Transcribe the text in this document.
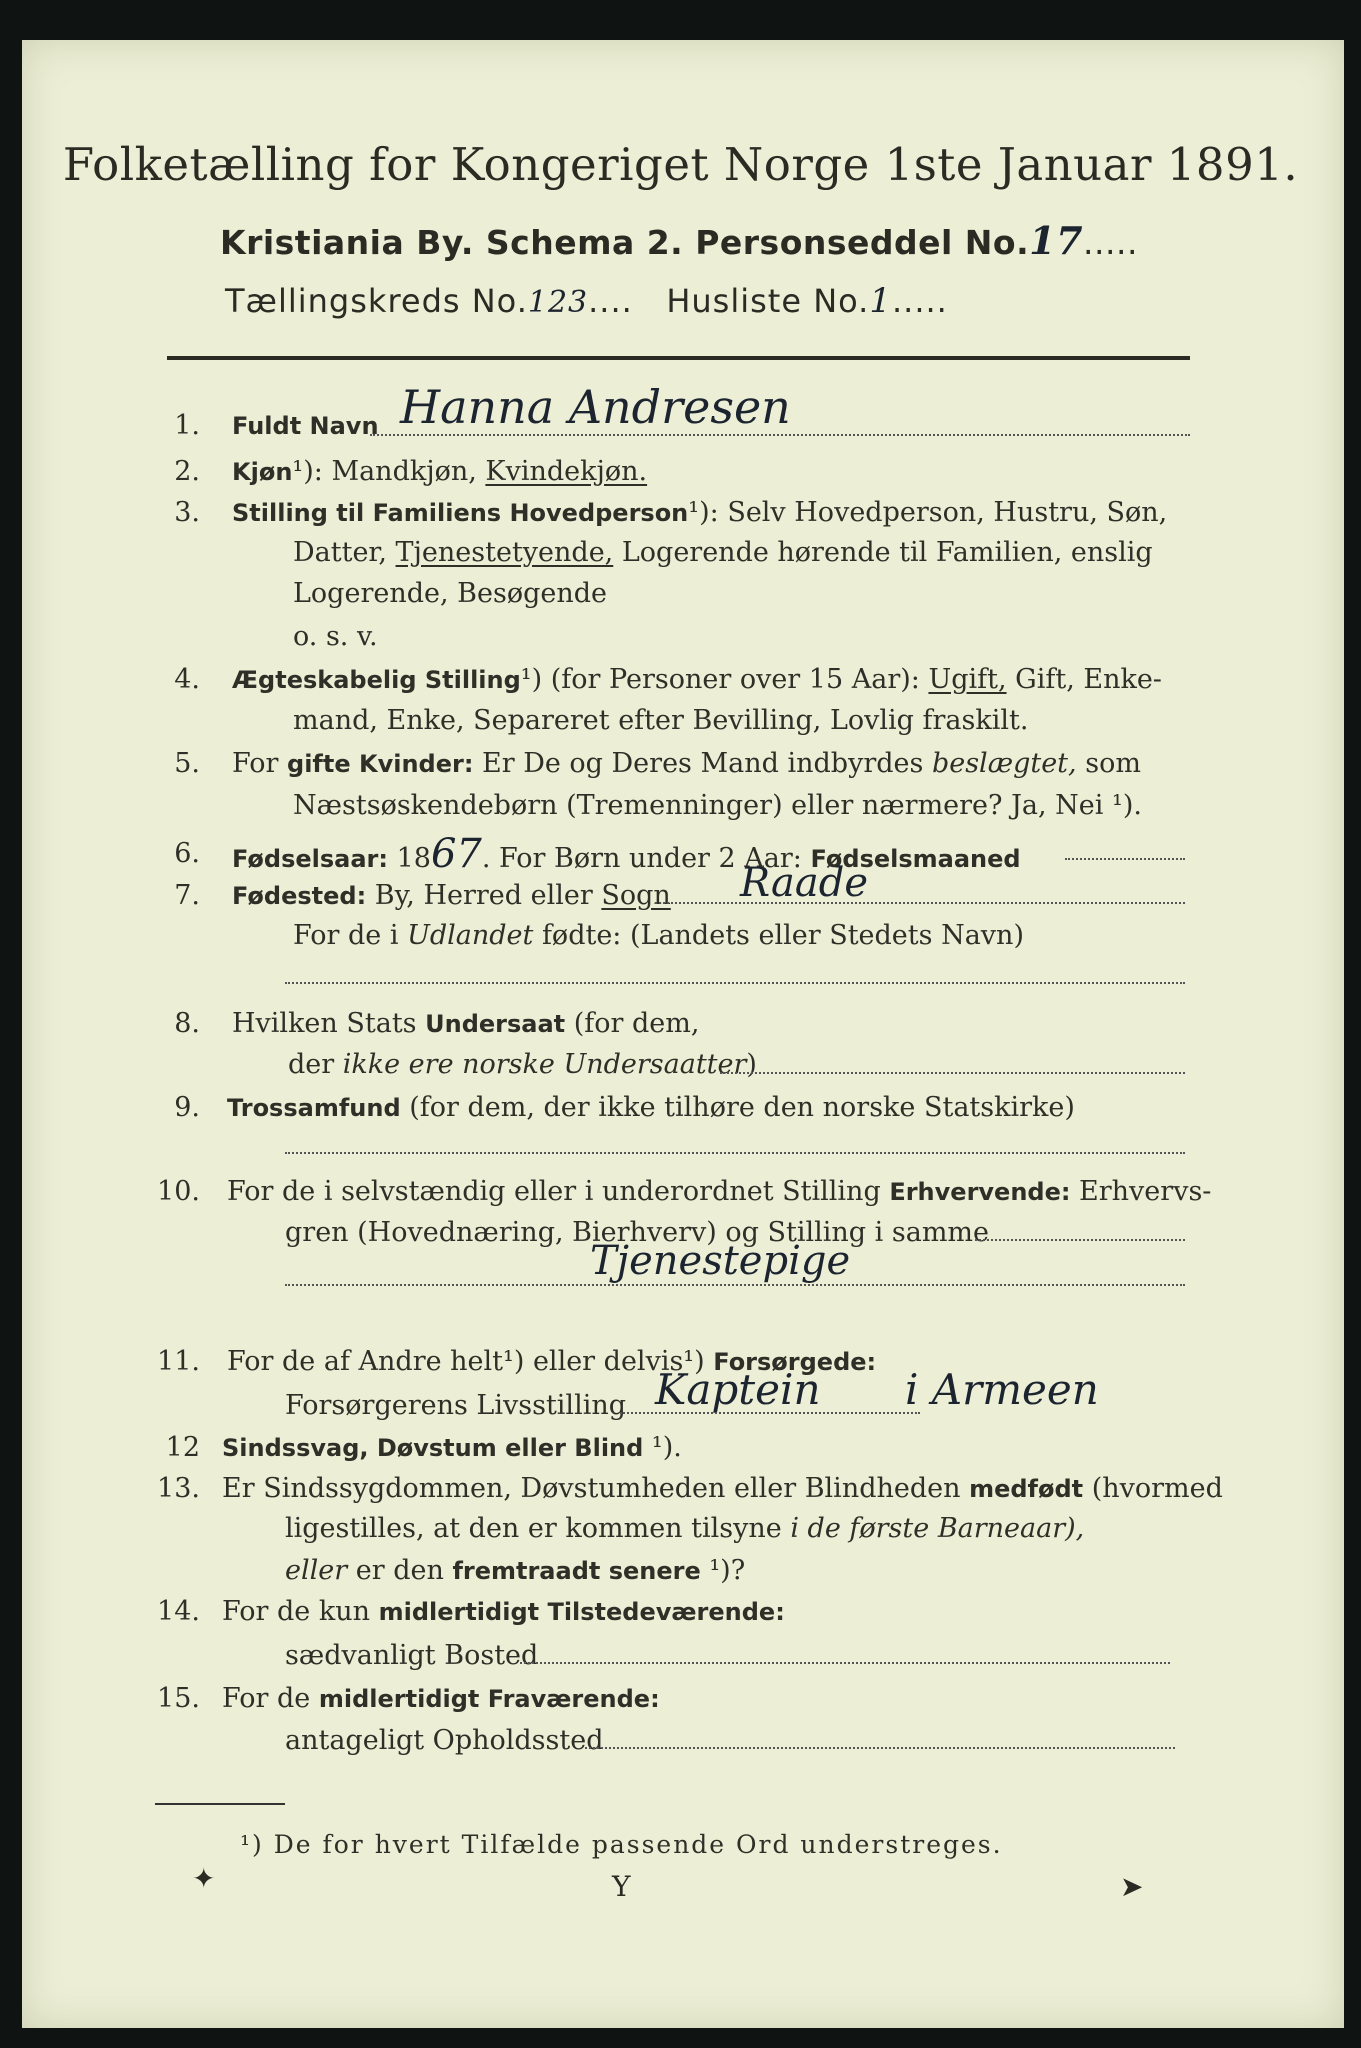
Folketælling for Kongeriget Norge 1ste Januar 1891.
Kristiania By. Schema 2. Personseddel No.17.....
Tællingskreds No.123....   Husliste No.1.....
1. Fuldt Navn Hanna Andresen
2. Kjøn¹): Mandkjøn, Kvindekjøn.
3. Stilling til Familiens Hovedperson¹): Selv Hovedperson, Hustru, Søn,
Datter, Tjenestetyende, Logerende hørende til Familien, enslig
Logerende, Besøgende
o. s. v.
4. Ægteskabelig Stilling¹) (for Personer over 15 Aar): Ugift, Gift, Enke-
mand, Enke, Separeret efter Bevilling, Lovlig fraskilt.
5. For gifte Kvinder: Er De og Deres Mand indbyrdes beslægtet, som
Næstsøskendebørn (Tremenninger) eller nærmere? Ja, Nei ¹).
6. Fødselsaar: 1867. For Børn under 2 Aar: Fødselsmaaned
7. Fødested: By, Herred eller Sogn Raade
For de i Udlandet fødte: (Landets eller Stedets Navn)
8. Hvilken Stats Undersaat (for dem,
der ikke ere norske Undersaatter)
9. Trossamfund (for dem, der ikke tilhøre den norske Statskirke)
10. For de i selvstændig eller i underordnet Stilling Erhvervende: Erhvervs-
gren (Hovednæring, Bierhverv) og Stilling i samme
Tjenestepige
11. For de af Andre helt¹) eller delvis¹) Forsørgede:
Forsørgerens Livsstilling Kaptein i Armeen
12 Sindssvag, Døvstum eller Blind ¹).
13. Er Sindssygdommen, Døvstumheden eller Blindheden medfødt (hvormed
ligestilles, at den er kommen tilsyne i de første Barneaar),
eller er den fremtraadt senere ¹)?
14. For de kun midlertidigt Tilstedeværende:
sædvanligt Bosted
15. For de midlertidigt Fraværende:
antageligt Opholdssted
¹) De for hvert Tilfælde passende Ord understreges.
✦	Y	➤
